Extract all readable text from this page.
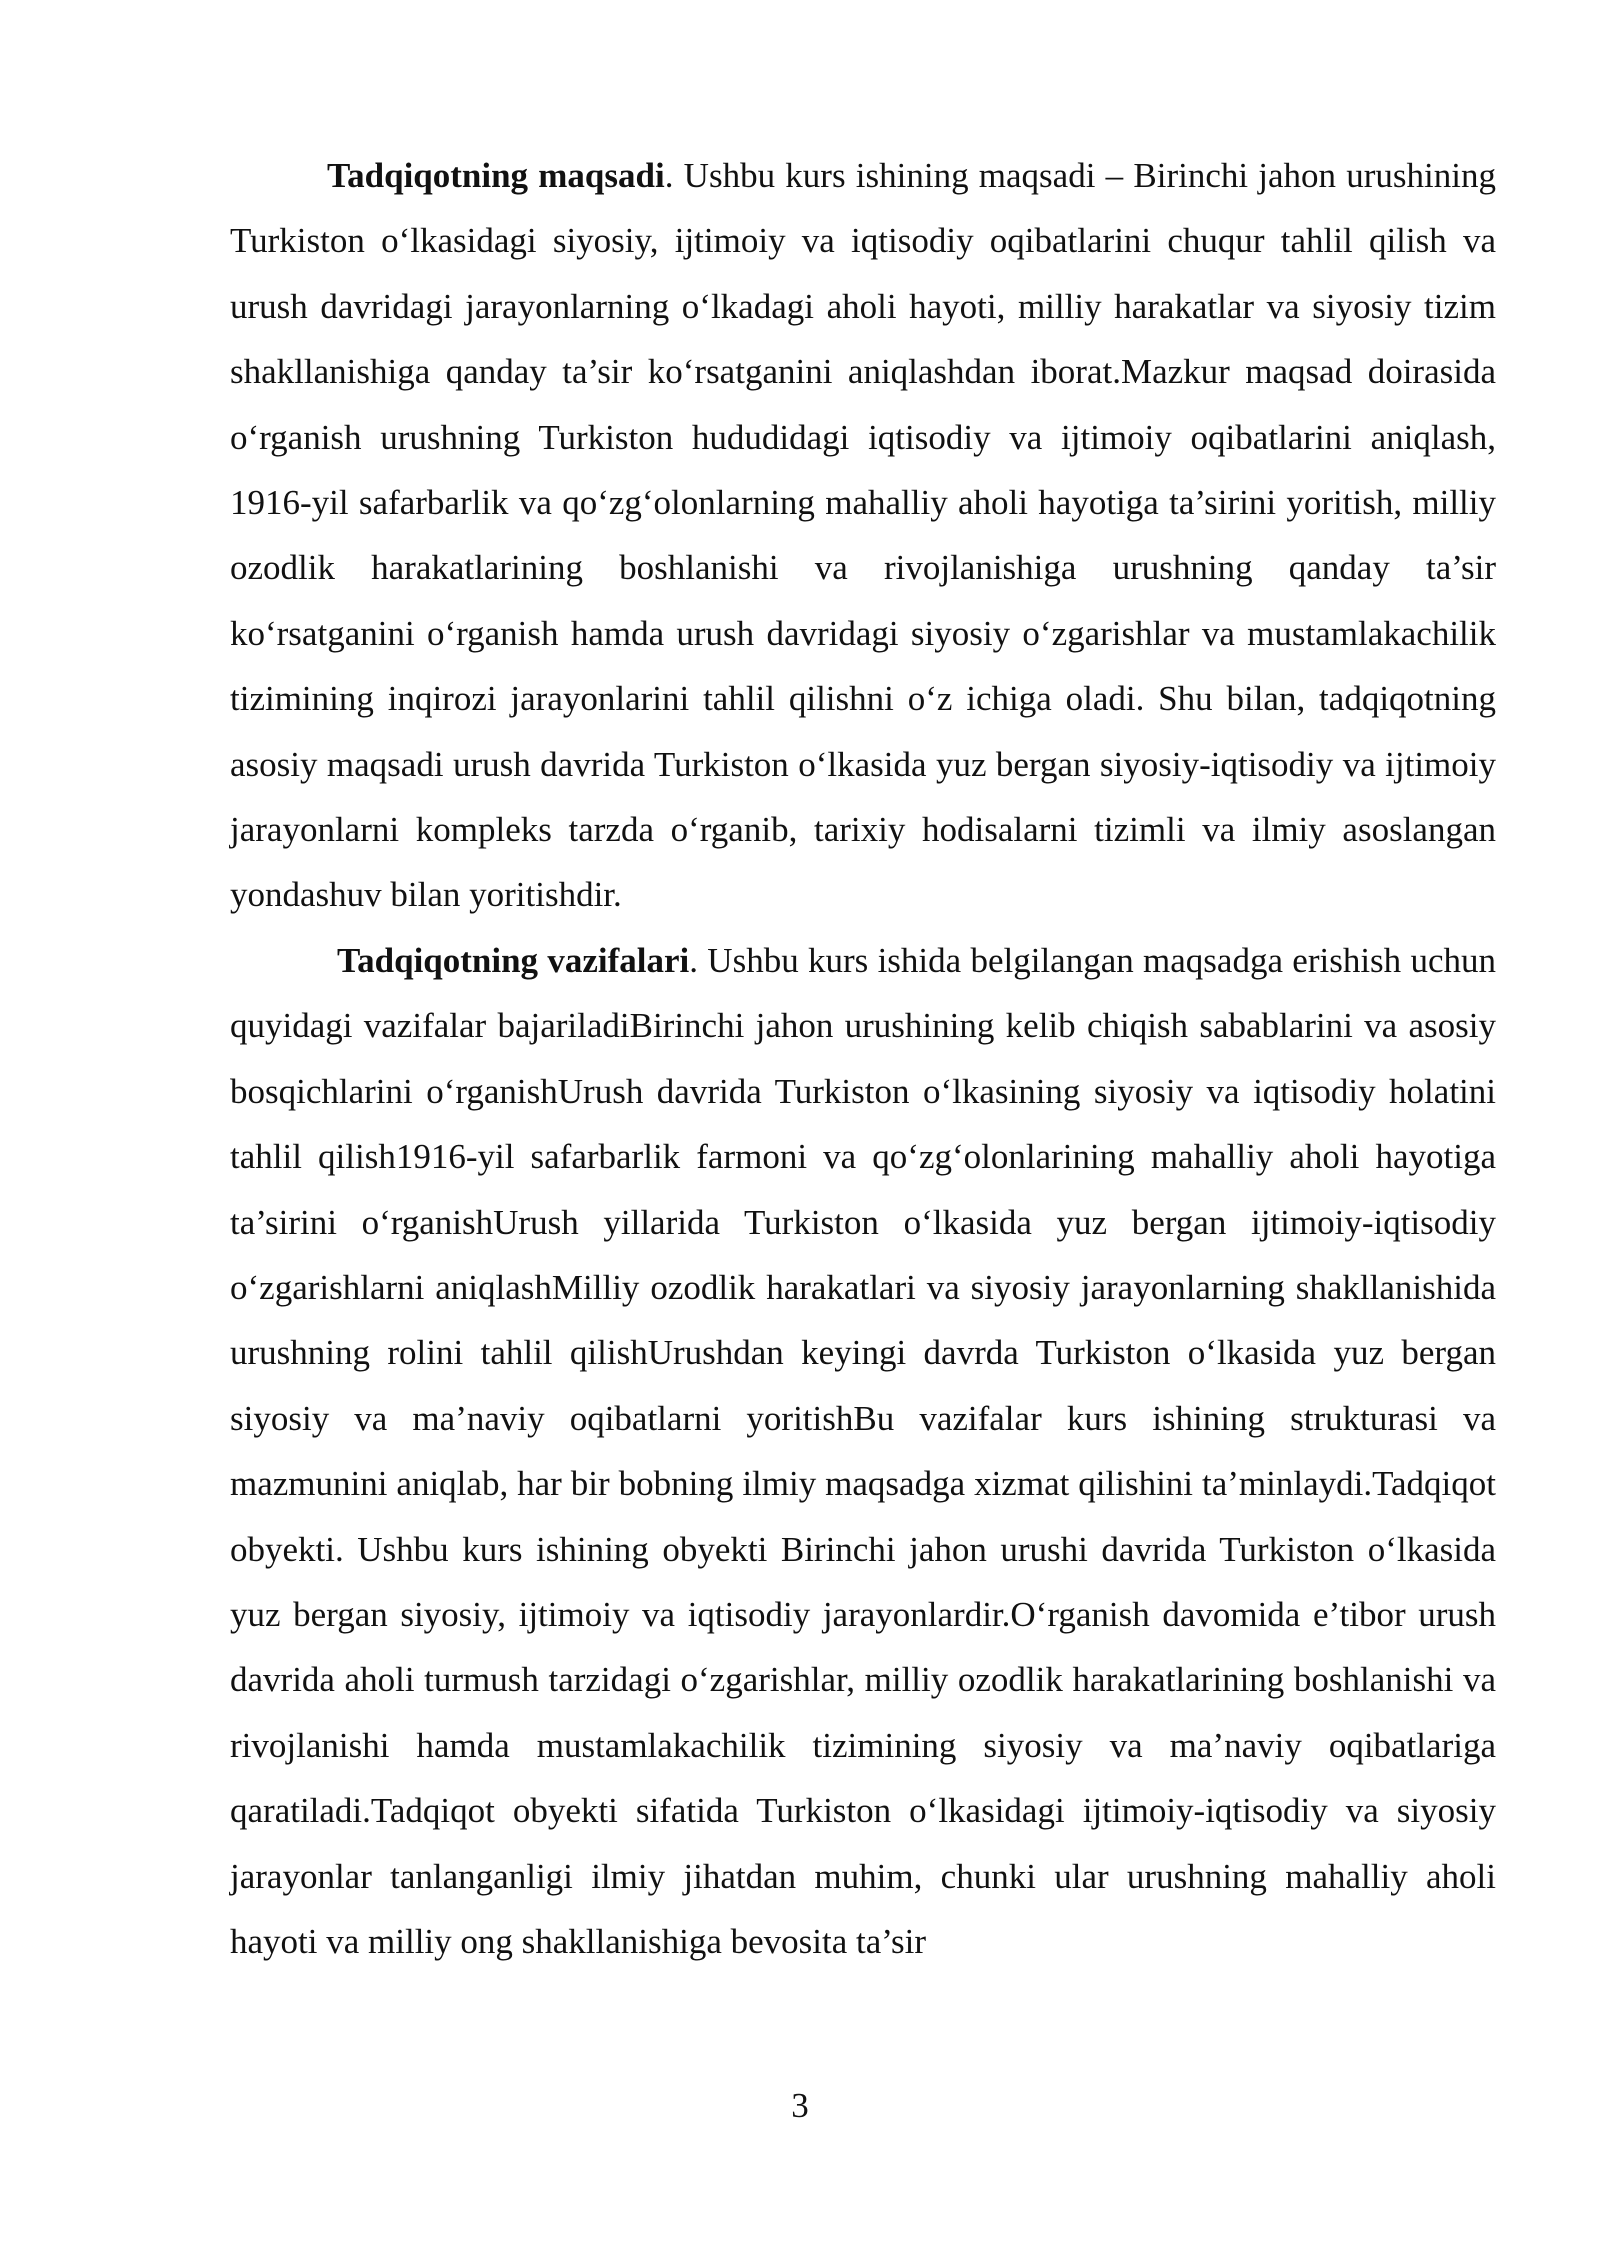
Tadqiqotning maqsadi. Ushbu kurs ishining maqsadi – Birinchi jahon urushining Turkiston o‘lkasidagi siyosiy, ijtimoiy va iqtisodiy oqibatlarini chuqur tahlil qilish va urush davridagi jarayonlarning o‘lkadagi aholi hayoti, milliy harakatlar va siyosiy tizim shakllanishiga qanday ta’sir ko‘rsatganini aniqlashdan iborat.Mazkur maqsad doirasida o‘rganish urushning Turkiston hududidagi iqtisodiy va ijtimoiy oqibatlarini aniqlash, 1916-yil safarbarlik va qo‘zg‘olonlarning mahalliy aholi hayotiga ta’sirini yoritish, milliy ozodlik harakatlarining boshlanishi va rivojlanishiga urushning qanday ta’sir ko‘rsatganini o‘rganish hamda urush davridagi siyosiy o‘zgarishlar va mustamlakachilik tizimining inqirozi jarayonlarini tahlil qilishni o‘z ichiga oladi. Shu bilan, tadqiqotning asosiy maqsadi urush davrida Turkiston o‘lkasida yuz bergan siyosiy-iqtisodiy va ijtimoiy jarayonlarni kompleks tarzda o‘rganib, tarixiy hodisalarni tizimli va ilmiy asoslangan yondashuv bilan yoritishdir.

Tadqiqotning vazifalari. Ushbu kurs ishida belgilangan maqsadga erishish uchun quyidagi vazifalar bajariladiBirinchi jahon urushining kelib chiqish sabablarini va asosiy bosqichlarini o‘rganishUrush davrida Turkiston o‘lkasining siyosiy va iqtisodiy holatini tahlil qilish1916-yil safarbarlik farmoni va qo‘zg‘olonlarining mahalliy aholi hayotiga ta’sirini o‘rganishUrush yillarida Turkiston o‘lkasida yuz bergan ijtimoiy-iqtisodiy o‘zgarishlarni aniqlashMilliy ozodlik harakatlari va siyosiy jarayonlarning shakllanishida urushning rolini tahlil qilishUrushdan keyingi davrda Turkiston o‘lkasida yuz bergan siyosiy va ma’naviy oqibatlarni yoritishBu vazifalar kurs ishining strukturasi va mazmunini aniqlab, har bir bobning ilmiy maqsadga xizmat qilishini ta’minlaydi.Tadqiqot obyekti. Ushbu kurs ishining obyekti Birinchi jahon urushi davrida Turkiston o‘lkasida yuz bergan siyosiy, ijtimoiy va iqtisodiy jarayonlardir.O‘rganish davomida e’tibor urush davrida aholi turmush tarzidagi o‘zgarishlar, milliy ozodlik harakatlarining boshlanishi va rivojlanishi hamda mustamlakachilik tizimining siyosiy va ma’naviy oqibatlariga qaratiladi.Tadqiqot obyekti sifatida Turkiston o‘lkasidagi ijtimoiy-iqtisodiy va siyosiy jarayonlar tanlanganligi ilmiy jihatdan muhim, chunki ular urushning mahalliy aholi hayoti va milliy ong shakllanishiga bevosita ta’sir

3
